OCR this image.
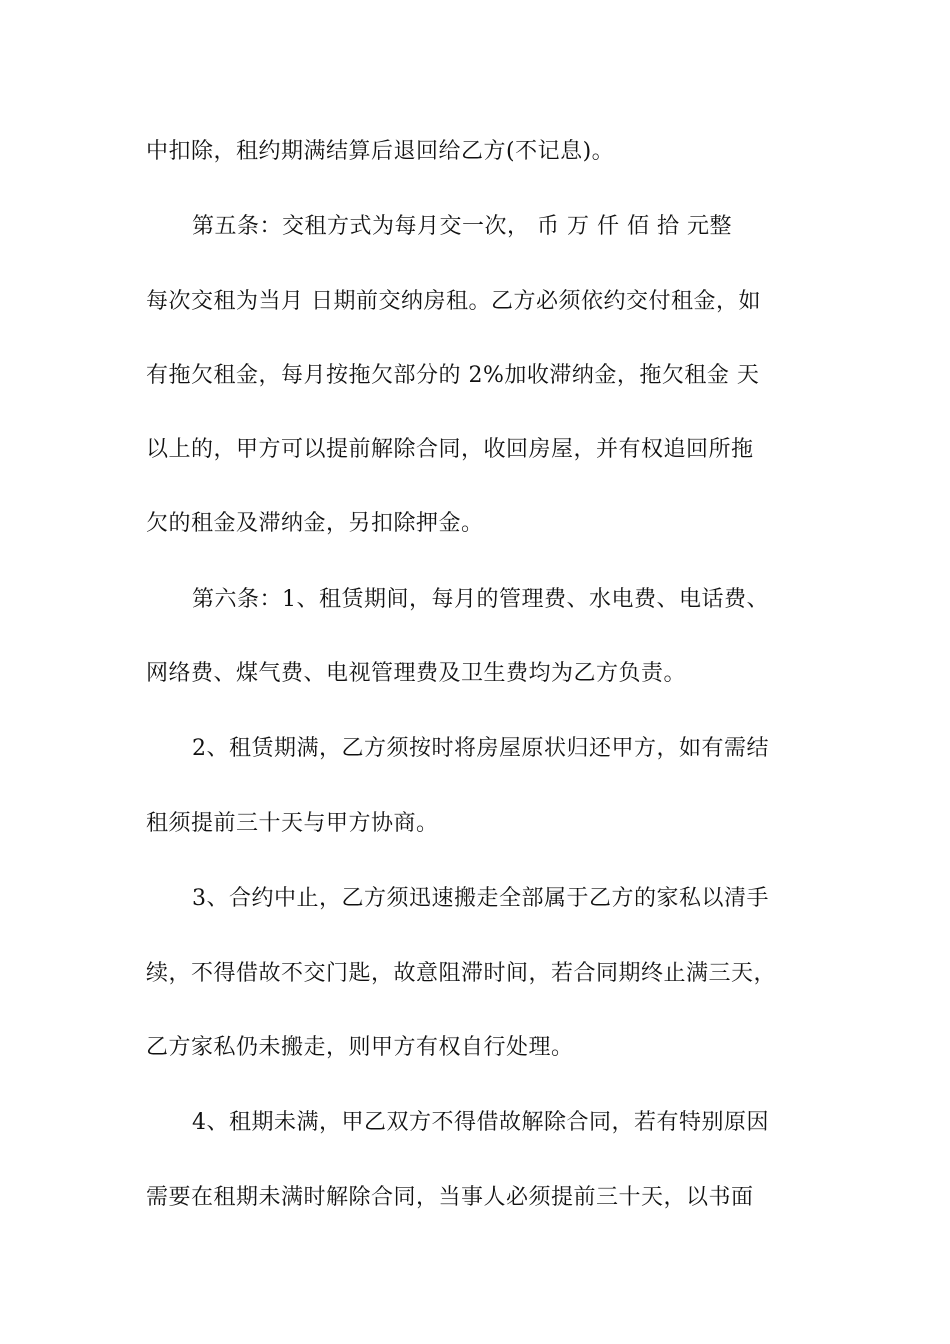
中扣除，租约期满结算后退回给乙方(不记息)。
第五条：交租方式为每月交一次， 币 万 仟 佰 拾 元整
每次交租为当月 日期前交纳房租。乙方必须依约交付租金，如
有拖欠租金，每月按拖欠部分的 2%加收滞纳金，拖欠租金 天
以上的，甲方可以提前解除合同，收回房屋，并有权追回所拖
欠的租金及滞纳金，另扣除押金。
第六条：1、租赁期间，每月的管理费、水电费、电话费、
网络费、煤气费、电视管理费及卫生费均为乙方负责。
2、租赁期满，乙方须按时将房屋原状归还甲方，如有需结
租须提前三十天与甲方协商。
3、合约中止，乙方须迅速搬走全部属于乙方的家私以清手
续，不得借故不交门匙，故意阻滞时间，若合同期终止满三天，
乙方家私仍未搬走，则甲方有权自行处理。
4、租期未满，甲乙双方不得借故解除合同，若有特别原因
需要在租期未满时解除合同，当事人必须提前三十天，以书面
